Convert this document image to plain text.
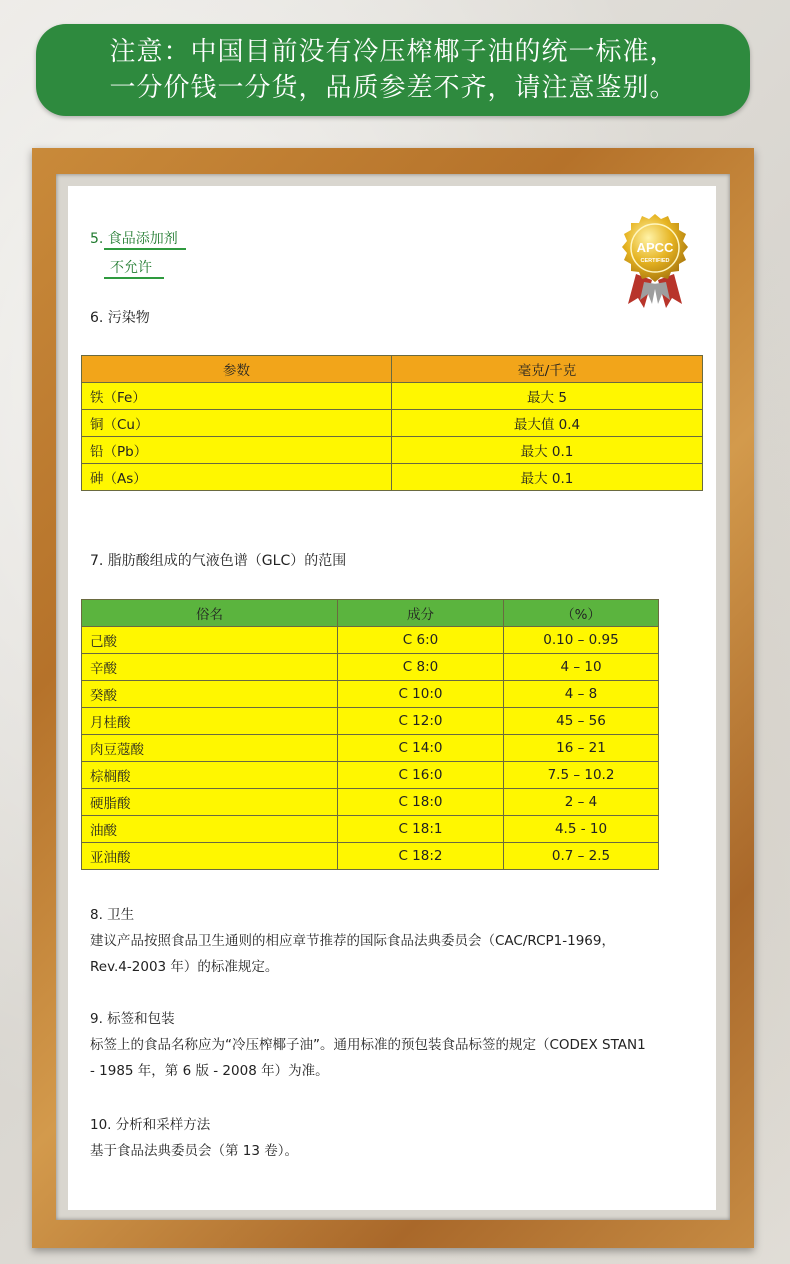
注意：中国目前没有冷压榨椰子油的统一标准，
一分价钱一分货，品质参差不齐，请注意鉴别。
APCC
CERTIFIED
5. 食品添加剂
不允许
6. 污染物
参数	毫克/千克
铁（Fe）	最大 5
铜（Cu）	最大值 0.4
铅（Pb）	最大 0.1
砷（As）	最大 0.1
7. 脂肪酸组成的气液色谱（GLC）的范围
俗名	成分	（%）
己酸	C 6:0	0.10 – 0.95
辛酸	C 8:0	4 – 10
癸酸	C 10:0	4 – 8
月桂酸	C 12:0	45 – 56
肉豆蔻酸	C 14:0	16 – 21
棕榈酸	C 16:0	7.5 – 10.2
硬脂酸	C 18:0	2 – 4
油酸	C 18:1	4.5 - 10
亚油酸	C 18:2	0.7 – 2.5
8. 卫生
建议产品按照食品卫生通则的相应章节推荐的国际食品法典委员会（CAC/RCP1-1969，
Rev.4-2003 年）的标准规定。
9. 标签和包装
标签上的食品名称应为“冷压榨椰子油”。通用标准的预包装食品标签的规定（CODEX STAN1
- 1985 年，第 6 版 - 2008 年）为准。
10. 分析和采样方法
基于食品法典委员会（第 13 卷）。
